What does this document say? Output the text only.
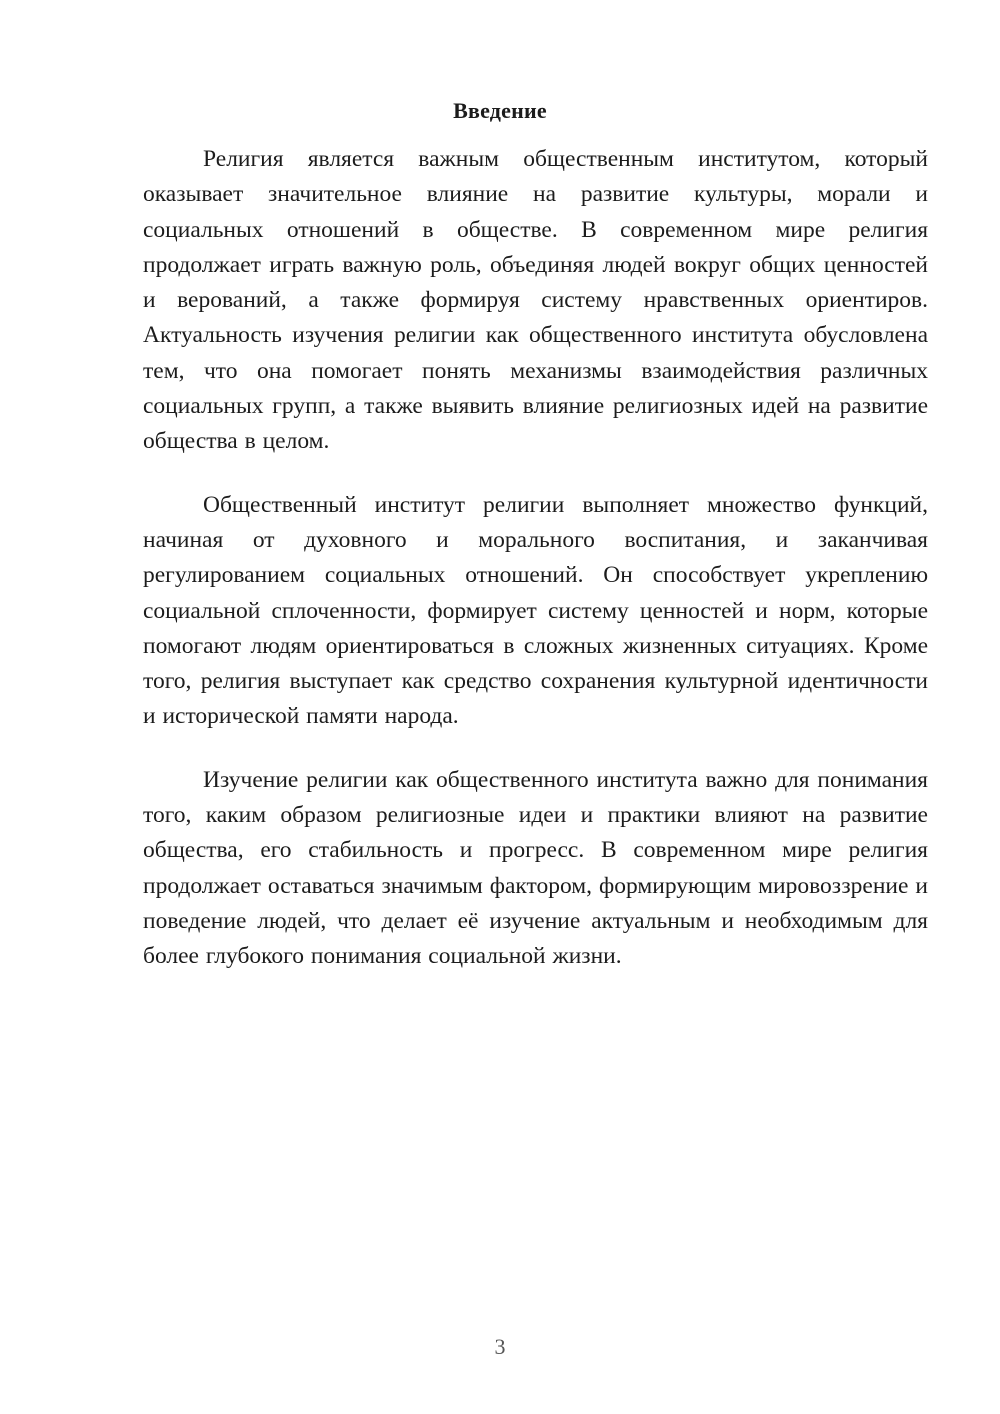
Введение

Религия является важным общественным институтом, который оказывает значительное влияние на развитие культуры, морали и социальных отношений в обществе. В современном мире религия продолжает играть важную роль, объединяя людей вокруг общих ценностей и верований, а также формируя систему нравственных ориентиров. Актуальность изучения религии как общественного института обусловлена тем, что она помогает понять механизмы взаимодействия различных социальных групп, а также выявить влияние религиозных идей на развитие общества в целом.

Общественный институт религии выполняет множество функций, начиная от духовного и морального воспитания, и заканчивая регулированием социальных отношений. Он способствует укреплению социальной сплоченности, формирует систему ценностей и норм, которые помогают людям ориентироваться в сложных жизненных ситуациях. Кроме того, религия выступает как средство сохранения культурной идентичности и исторической памяти народа.

Изучение религии как общественного института важно для понимания того, каким образом религиозные идеи и практики влияют на развитие общества, его стабильность и прогресс. В современном мире религия продолжает оставаться значимым фактором, формирующим мировоззрение и поведение людей, что делает её изучение актуальным и необходимым для более глубокого понимания социальной жизни.

3
